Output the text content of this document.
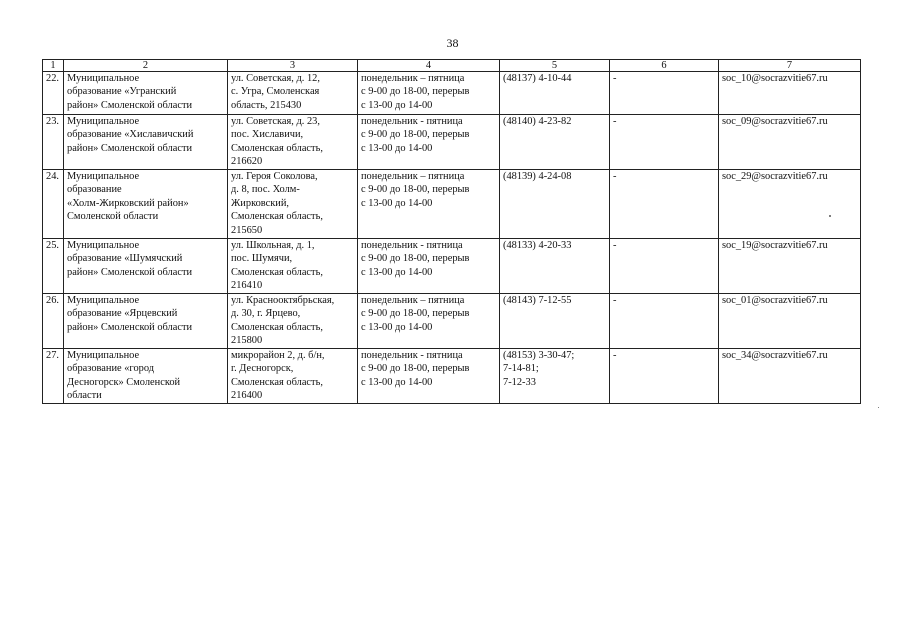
38
1	2	3	4	5	6	7
22.	Муниципальное
образование «Угранский
район» Смоленской области	ул. Советская, д. 12,
с. Угра, Смоленская
область, 215430	понедельник – пятница
с 9-00 до 18-00, перерыв
с 13-00 до 14-00	(48137) 4-10-44	-	soc_10@socrazvitie67.ru
23.	Муниципальное
образование «Хиславичский
район» Смоленской области	ул. Советская, д. 23,
пос. Хиславичи,
Смоленская область,
216620	понедельник - пятница
с 9-00 до 18-00, перерыв
с 13-00 до 14-00	(48140) 4-23-82	-	soc_09@socrazvitie67.ru
24.	Муниципальное
образование
«Холм-Жирковский район»
Смоленской области	ул. Героя Соколова,
д. 8, пос. Холм-
Жирковский,
Смоленская область,
215650	понедельник – пятница
с 9-00 до 18-00, перерыв
с 13-00 до 14-00	(48139) 4-24-08	-	soc_29@socrazvitie67.ru
25.	Муниципальное
образование «Шумячский
район» Смоленской области	ул. Школьная, д. 1,
пос. Шумячи,
Смоленская область,
216410	понедельник - пятница
с 9-00 до 18-00, перерыв
с 13-00 до 14-00	(48133) 4-20-33	-	soc_19@socrazvitie67.ru
26.	Муниципальное
образование «Ярцевский
район» Смоленской области	ул. Краснооктябрьская,
д. 30, г. Ярцево,
Смоленская область,
215800	понедельник – пятница
с 9-00 до 18-00, перерыв
с 13-00 до 14-00	(48143) 7-12-55	-	soc_01@socrazvitie67.ru
27.	Муниципальное
образование «город
Десногорск» Смоленской
области	микрорайон 2, д. б/н,
г. Десногорск,
Смоленская область,
216400	понедельник - пятница
с 9-00 до 18-00, перерыв
с 13-00 до 14-00	(48153) 3-30-47;
7-14-81;
7-12-33	-	soc_34@socrazvitie67.ru
